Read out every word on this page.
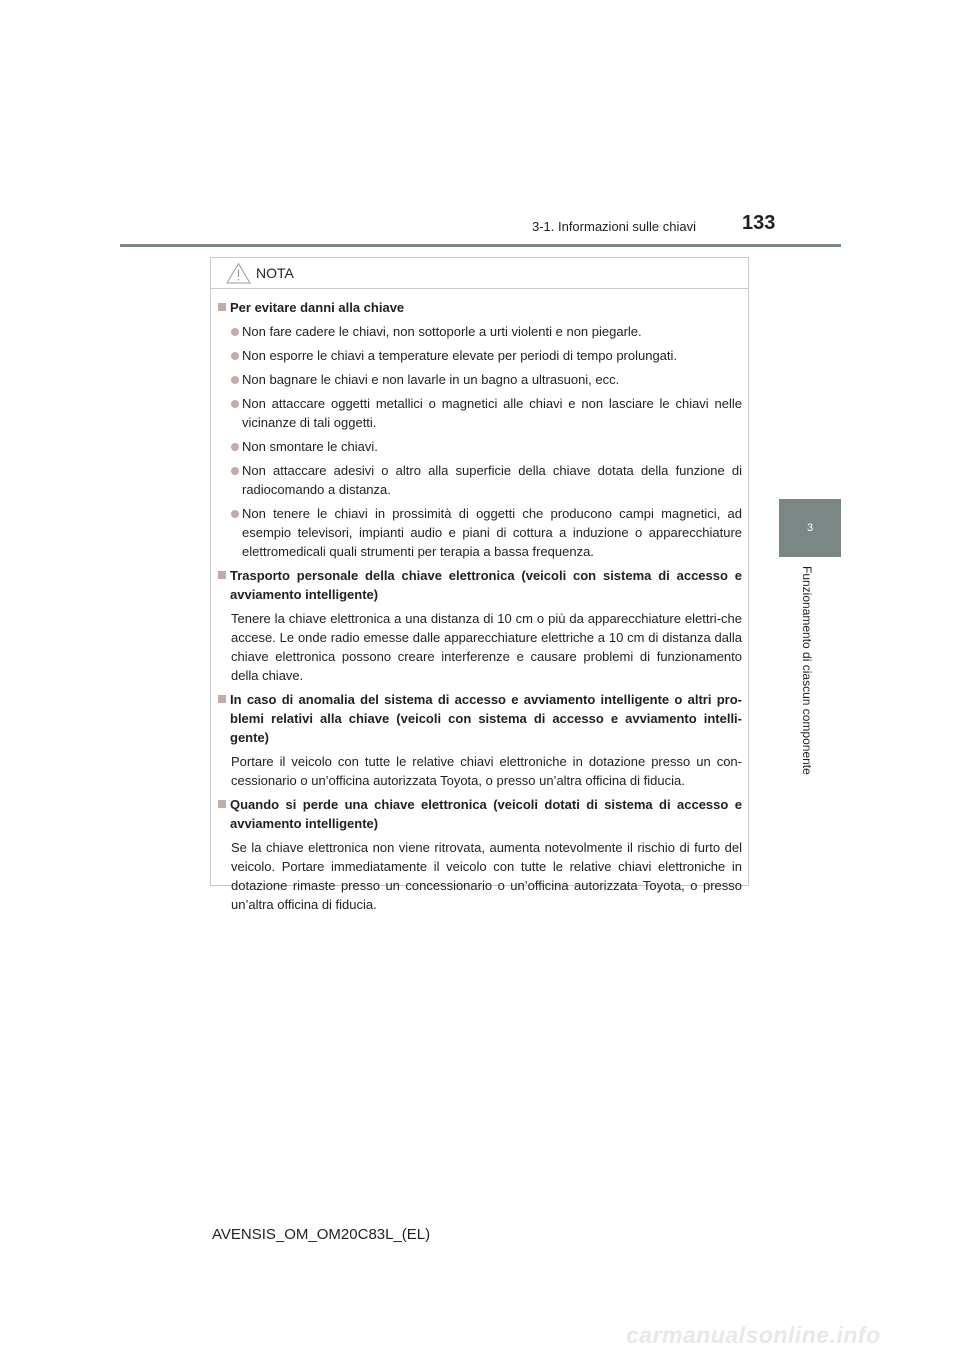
3-1. Informazioni sulle chiavi 133
3
Funzionamento di ciascun componente
NOTA
Per evitare danni alla chiave
Non fare cadere le chiavi, non sottoporle a urti violenti e non piegarle.
Non esporre le chiavi a temperature elevate per periodi di tempo prolungati.
Non bagnare le chiavi e non lavarle in un bagno a ultrasuoni, ecc.
Non attaccare oggetti metallici o magnetici alle chiavi e non lasciare le chiavi nelle vicinanze di tali oggetti.
Non smontare le chiavi.
Non attaccare adesivi o altro alla superficie della chiave dotata della funzione di radiocomando a distanza.
Non tenere le chiavi in prossimità di oggetti che producono campi magnetici, ad esempio televisori, impianti audio e piani di cottura a induzione o apparecchiature elettromedicali quali strumenti per terapia a bassa frequenza.
Trasporto personale della chiave elettronica (veicoli con sistema di accesso e avviamento intelligente)
Tenere la chiave elettronica a una distanza di 10 cm o più da apparecchiature elettri-che accese. Le onde radio emesse dalle apparecchiature elettriche a 10 cm di distanza dalla chiave elettronica possono creare interferenze e causare problemi di funzionamento della chiave.
In caso di anomalia del sistema di accesso e avviamento intelligente o altri pro-blemi relativi alla chiave (veicoli con sistema di accesso e avviamento intelli-gente)
Portare il veicolo con tutte le relative chiavi elettroniche in dotazione presso un con-cessionario o un’officina autorizzata Toyota, o presso un’altra officina di fiducia.
Quando si perde una chiave elettronica (veicoli dotati di sistema di accesso e avviamento intelligente)
Se la chiave elettronica non viene ritrovata, aumenta notevolmente il rischio di furto del veicolo. Portare immediatamente il veicolo con tutte le relative chiavi elettroniche in dotazione rimaste presso un concessionario o un’officina autorizzata Toyota, o presso un’altra officina di fiducia.
AVENSIS_OM_OM20C83L_(EL)
carmanualsonline.info
